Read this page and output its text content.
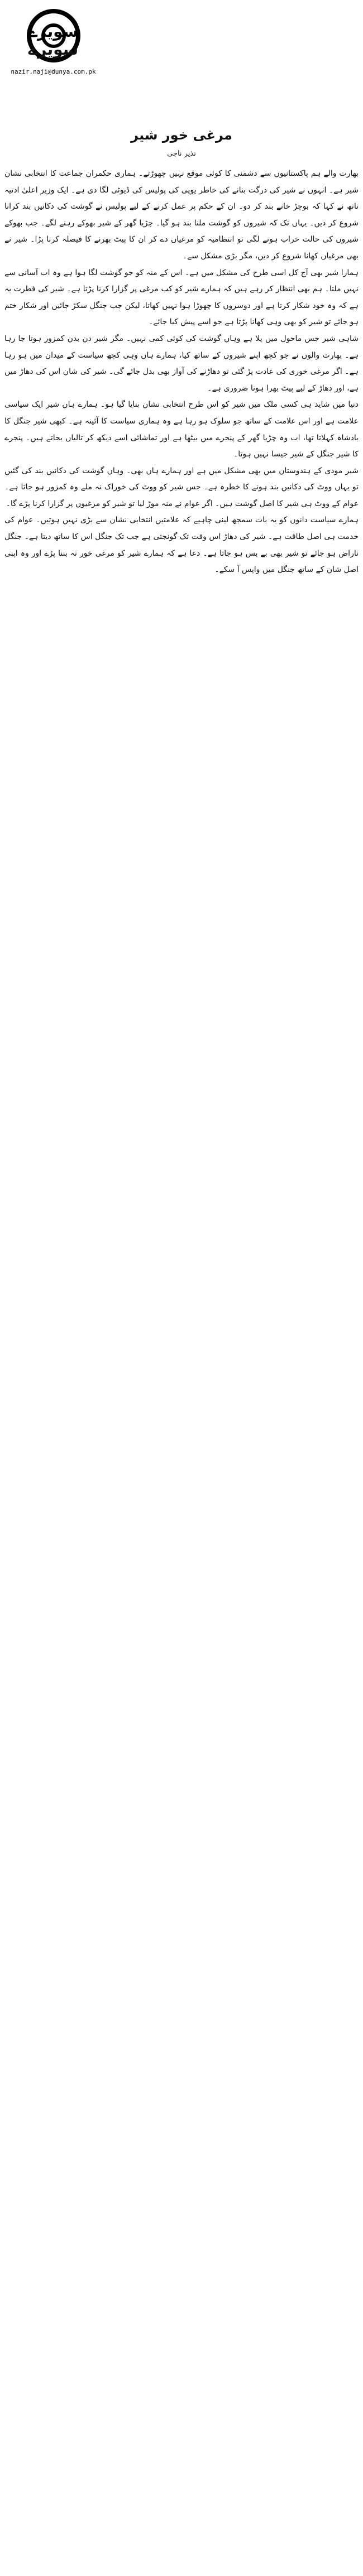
سویرے
سویرے
nazir.naji@dunya.com.pk
مرغی خور شیر
نذیر ناجی

بھارت والے ہم پاکستانیوں سے دشمنی کا کوئی موقع نہیں چھوڑتے۔ ہماری حکمران جماعت کا انتخابی نشان شیر ہے۔ انہوں نے شیر کی درگت بنانے کی خاطر یوپی کی پولیس کی ڈیوٹی لگا دی ہے۔ ایک وزیر اعلیٰ ادتیہ ناتھ نے کہا کہ بوچڑ خانے بند کر دو۔ ان کے حکم پر عمل کرنے کے لیے پولیس نے گوشت کی دکانیں بند کرانا شروع کر دیں۔ یہاں تک کہ شیروں کو گوشت ملنا بند ہو گیا۔ چڑیا گھر کے شیر بھوکے رہنے لگے۔ جب بھوکے شیروں کی حالت خراب ہونے لگی تو انتظامیہ کو مرغیاں دے کر ان کا پیٹ بھرنے کا فیصلہ کرنا پڑا۔ شیر نے بھی مرغیاں کھانا شروع کر دیں، مگر بڑی مشکل سے۔

ہمارا شیر بھی آج کل اسی طرح کی مشکل میں ہے۔ اس کے منہ کو جو گوشت لگا ہوا ہے وہ اب آسانی سے نہیں ملتا۔ ہم بھی انتظار کر رہے ہیں کہ ہمارے شیر کو کب مرغی پر گزارا کرنا پڑتا ہے۔ شیر کی فطرت یہ ہے کہ وہ خود شکار کرتا ہے اور دوسروں کا چھوڑا ہوا نہیں کھاتا، لیکن جب جنگل سکڑ جائیں اور شکار ختم ہو جائے تو شیر کو بھی وہی کھانا پڑتا ہے جو اسے پیش کیا جائے۔

شاہی شیر جس ماحول میں پلا ہے وہاں گوشت کی کوئی کمی نہیں۔ مگر شیر دن بدن کمزور ہوتا جا رہا ہے۔ بھارت والوں نے جو کچھ اپنے شیروں کے ساتھ کیا، ہمارے ہاں وہی کچھ سیاست کے میدان میں ہو رہا ہے۔ اگر مرغی خوری کی عادت پڑ گئی تو دھاڑنے کی آواز بھی بدل جائے گی۔ شیر کی شان اس کی دھاڑ میں ہے، اور دھاڑ کے لیے پیٹ بھرا ہونا ضروری ہے۔

دنیا میں شاید ہی کسی ملک میں شیر کو اس طرح انتخابی نشان بنایا گیا ہو۔ ہمارے ہاں شیر ایک سیاسی علامت ہے اور اس علامت کے ساتھ جو سلوک ہو رہا ہے وہ ہماری سیاست کا آئینہ ہے۔ کبھی شیر جنگل کا بادشاہ کہلاتا تھا، اب وہ چڑیا گھر کے پنجرے میں بیٹھا ہے اور تماشائی اسے دیکھ کر تالیاں بجاتے ہیں۔ پنجرے کا شیر جنگل کے شیر جیسا نہیں ہوتا۔

شیر مودی کے ہندوستان میں بھی مشکل میں ہے اور ہمارے ہاں بھی۔ وہاں گوشت کی دکانیں بند کی گئیں تو یہاں ووٹ کی دکانیں بند ہونے کا خطرہ ہے۔ جس شیر کو ووٹ کی خوراک نہ ملے وہ کمزور ہو جاتا ہے۔ عوام کے ووٹ ہی شیر کا اصل گوشت ہیں۔ اگر عوام نے منہ موڑ لیا تو شیر کو مرغیوں پر گزارا کرنا پڑے گا۔

ہمارے سیاست دانوں کو یہ بات سمجھ لینی چاہیے کہ علامتیں انتخابی نشان سے بڑی نہیں ہوتیں۔ عوام کی خدمت ہی اصل طاقت ہے۔ شیر کی دھاڑ اس وقت تک گونجتی ہے جب تک جنگل اس کا ساتھ دیتا ہے۔ جنگل ناراض ہو جائے تو شیر بھی بے بس ہو جاتا ہے۔ دعا ہے کہ ہمارے شیر کو مرغی خور نہ بننا پڑے اور وہ اپنی اصل شان کے ساتھ جنگل میں واپس آ سکے۔
